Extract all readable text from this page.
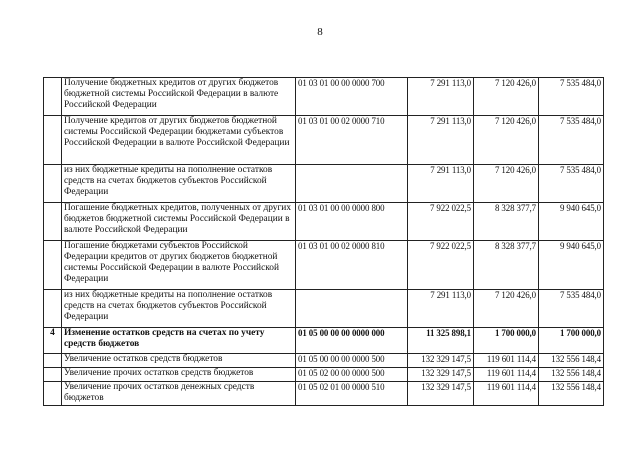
8
	Получение бюджетных кредитов от других бюджетов бюджетной системы Российской Федерации в валюте Российской Федерации	01 03 01 00 00 0000 700	7 291 113,0	7 120 426,0	7 535 484,0
	Получение кредитов от других бюджетов бюджетной системы Российской Федерации бюджетами субъектов Российской Федерации в валюте Российской Федерации	01 03 01 00 02 0000 710	7 291 113,0	7 120 426,0	7 535 484,0
	из них бюджетные кредиты на пополнение остатков средств на счетах бюджетов субъектов Российской Федерации		7 291 113,0	7 120 426,0	7 535 484,0
	Погашение бюджетных кредитов, полученных от других бюджетов бюджетной системы Российской Федерации в валюте Российской Федерации	01 03 01 00 00 0000 800	7 922 022,5	8 328 377,7	9 940 645,0
	Погашение бюджетами субъектов Российской Федерации кредитов от других бюджетов бюджетной системы Российской Федерации в валюте Российской Федерации	01 03 01 00 02 0000 810	7 922 022,5	8 328 377,7	9 940 645,0
	из них бюджетные кредиты на пополнение остатков средств на счетах бюджетов субъектов Российской Федерации		7 291 113,0	7 120 426,0	7 535 484,0
4	Изменение остатков средств на счетах по учету средств бюджетов	01 05 00 00 00 0000 000	11 325 898,1	1 700 000,0	1 700 000,0
	Увеличение остатков средств бюджетов	01 05 00 00 00 0000 500	132 329 147,5	119 601 114,4	132 556 148,4
	Увеличение прочих остатков средств бюджетов	01 05 02 00 00 0000 500	132 329 147,5	119 601 114,4	132 556 148,4
	Увеличение прочих остатков денежных средств бюджетов	01 05 02 01 00 0000 510	132 329 147,5	119 601 114,4	132 556 148,4
